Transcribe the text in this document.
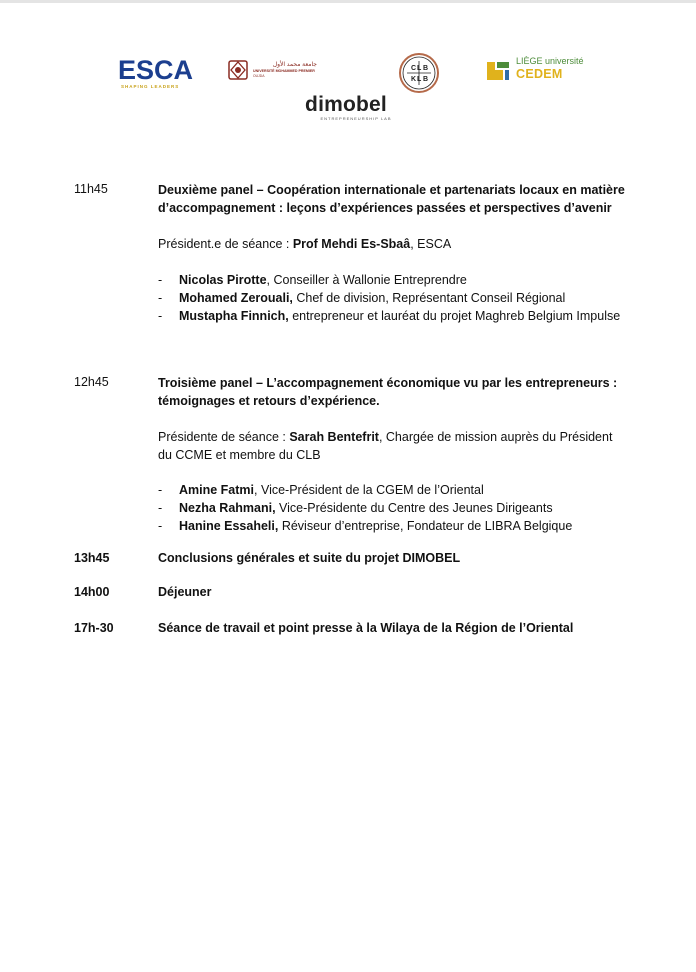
ESCA
SHAPING LEADERS
جامعة محمد الأول
UNIVERSITÉ MOHAMMED PREMIER
OUJDA
C L B
K L B
LIÈGE université
CEDEM
dimobel
ENTREPRENEURSHIP LAB
11h45	Deuxième panel – Coopération internationale et partenariats locaux en matière d’accompagnement : leçons d’expériences passées et perspectives d’avenir
Président.e de séance : Prof Mehdi Es-Sbaâ, ESCA
- Nicolas Pirotte, Conseiller à Wallonie Entreprendre
- Mohamed Zerouali, Chef de division, Représentant Conseil Régional
- Mustapha Finnich, entrepreneur et lauréat du projet Maghreb Belgium Impulse
12h45	Troisième panel – L’accompagnement économique vu par les entrepreneurs : témoignages et retours d’expérience.
Présidente de séance : Sarah Bentefrit, Chargée de mission auprès du Président du CCME et membre du CLB
- Amine Fatmi, Vice-Président de la CGEM de l’Oriental
- Nezha Rahmani, Vice-Présidente du Centre des Jeunes Dirigeants
- Hanine Essaheli, Réviseur d’entreprise, Fondateur de LIBRA Belgique
13h45	Conclusions générales et suite du projet DIMOBEL
14h00	Déjeuner
17h-30	Séance de travail et point presse à la Wilaya de la Région de l’Oriental
